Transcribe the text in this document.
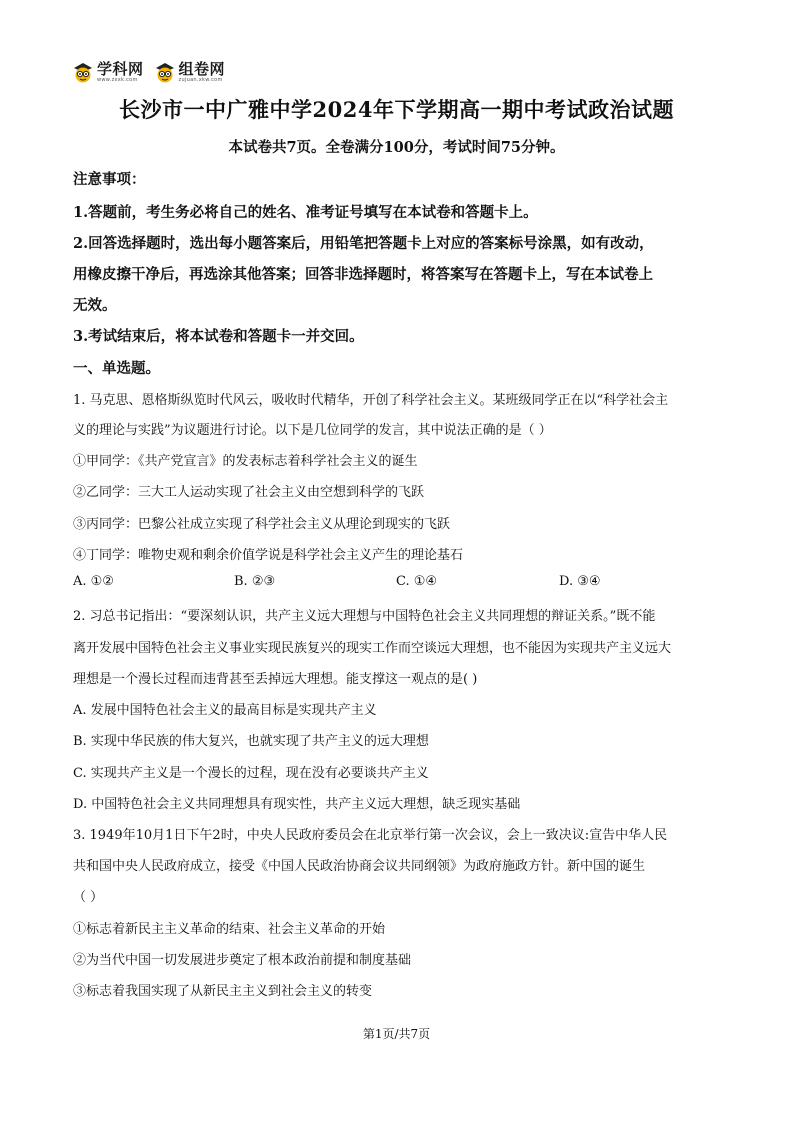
学科网
www.zxxk.com
组卷网
zujuan.xkw.com
长沙市一中广雅中学2024年下学期高一期中考试政治试题
本试卷共7页。全卷满分100分，考试时间75分钟。
注意事项：
1.答题前，考生务必将自己的姓名、准考证号填写在本试卷和答题卡上。
2.回答选择题时，选出每小题答案后，用铅笔把答题卡上对应的答案标号涂黑，如有改动，
用橡皮擦干净后，再选涂其他答案；回答非选择题时，将答案写在答题卡上，写在本试卷上
无效。
3.考试结束后，将本试卷和答题卡一并交回。
一、单选题。
1. 马克思、恩格斯纵览时代风云，吸收时代精华，开创了科学社会主义。某班级同学正在以“科学社会主
义的理论与实践”为议题进行讨论。以下是几位同学的发言，其中说法正确的是（ ）
①甲同学：《共产党宣言》的发表标志着科学社会主义的诞生
②乙同学：三大工人运动实现了社会主义由空想到科学的飞跃
③丙同学：巴黎公社成立实现了科学社会主义从理论到现实的飞跃
④丁同学：唯物史观和剩余价值学说是科学社会主义产生的理论基石
A. ①②	B. ②③	C. ①④	D. ③④
2. 习总书记指出：“要深刻认识，共产主义远大理想与中国特色社会主义共同理想的辩证关系。”既不能
离开发展中国特色社会主义事业实现民族复兴的现实工作而空谈远大理想，也不能因为实现共产主义远大
理想是一个漫长过程而违背甚至丢掉远大理想。能支撑这一观点的是( )
A. 发展中国特色社会主义的最高目标是实现共产主义
B. 实现中华民族的伟大复兴，也就实现了共产主义的远大理想
C. 实现共产主义是一个漫长的过程，现在没有必要谈共产主义
D. 中国特色社会主义共同理想具有现实性，共产主义远大理想，缺乏现实基础
3. 1949年10月1日下午2时，中央人民政府委员会在北京举行第一次会议，会上一致决议:宣告中华人民
共和国中央人民政府成立，接受《中国人民政治协商会议共同纲领》为政府施政方针。新中国的诞生
（ ）
①标志着新民主主义革命的结束、社会主义革命的开始
②为当代中国一切发展进步奠定了根本政治前提和制度基础
③标志着我国实现了从新民主主义到社会主义的转变
第1页/共7页
